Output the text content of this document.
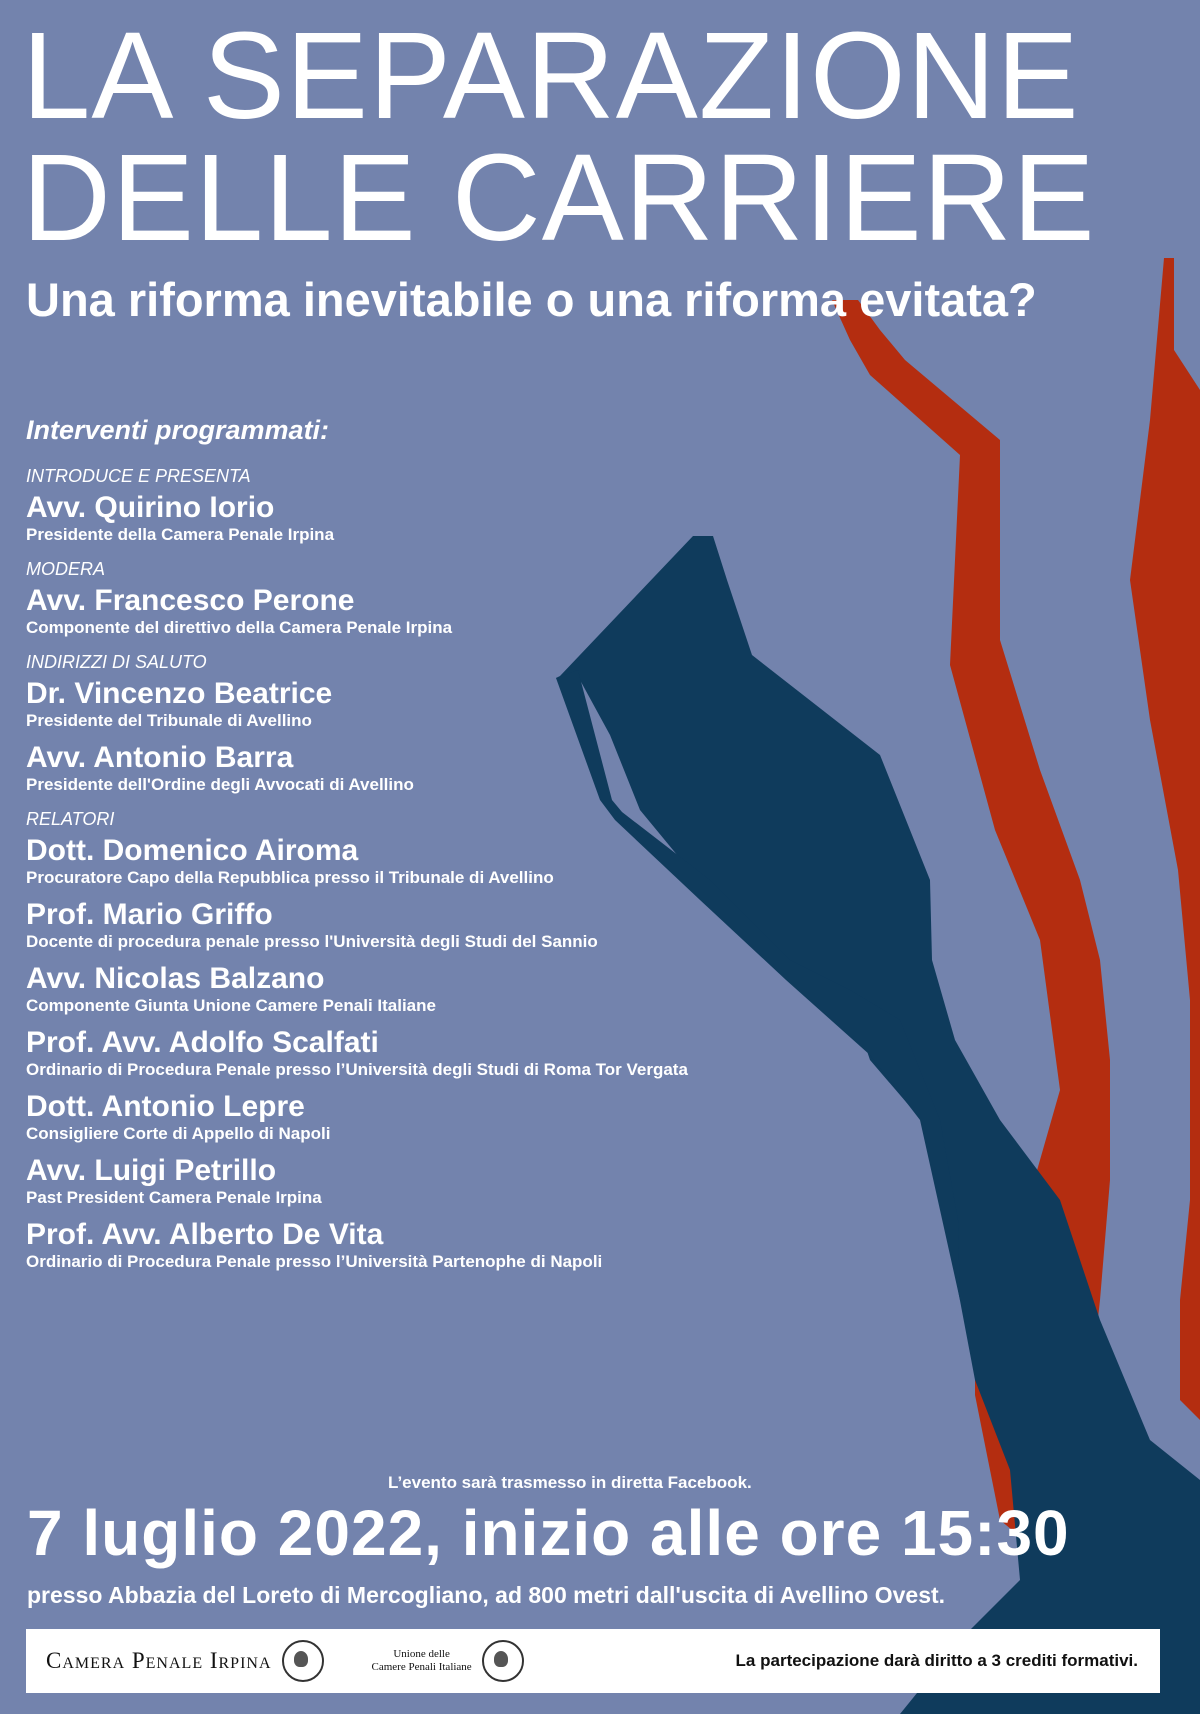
LA SEPARAZIONE
DELLE CARRIERE
Una riforma inevitabile o una riforma evitata?
Interventi programmati:
INTRODUCE E PRESENTA
Avv. Quirino Iorio
Presidente della Camera Penale Irpina
MODERA
Avv. Francesco Perone
Componente del direttivo della Camera Penale Irpina
INDIRIZZI DI SALUTO
Dr. Vincenzo Beatrice
Presidente del Tribunale di Avellino
Avv. Antonio Barra
Presidente dell'Ordine degli Avvocati di Avellino
RELATORI
Dott. Domenico Airoma
Procuratore Capo della Repubblica presso il Tribunale di Avellino
Prof. Mario Griffo
Docente di procedura penale presso l'Università degli Studi del Sannio
Avv. Nicolas Balzano
Componente Giunta Unione Camere Penali Italiane
Prof. Avv. Adolfo Scalfati
Ordinario di Procedura Penale presso l’Università degli Studi di Roma Tor Vergata
Dott. Antonio Lepre
Consigliere Corte di Appello di Napoli
Avv. Luigi Petrillo
Past President Camera Penale Irpina
Prof. Avv. Alberto De Vita
Ordinario di Procedura Penale presso l’Università Partenophe di Napoli
L’evento sarà trasmesso in diretta Facebook.
7 luglio 2022, inizio alle ore 15:30
presso Abbazia del Loreto di Mercogliano, ad 800 metri dall'uscita di Avellino Ovest.
Camera Penale Irpina	Unione delle
Camere Penali Italiane	La partecipazione darà diritto a 3 crediti formativi.
